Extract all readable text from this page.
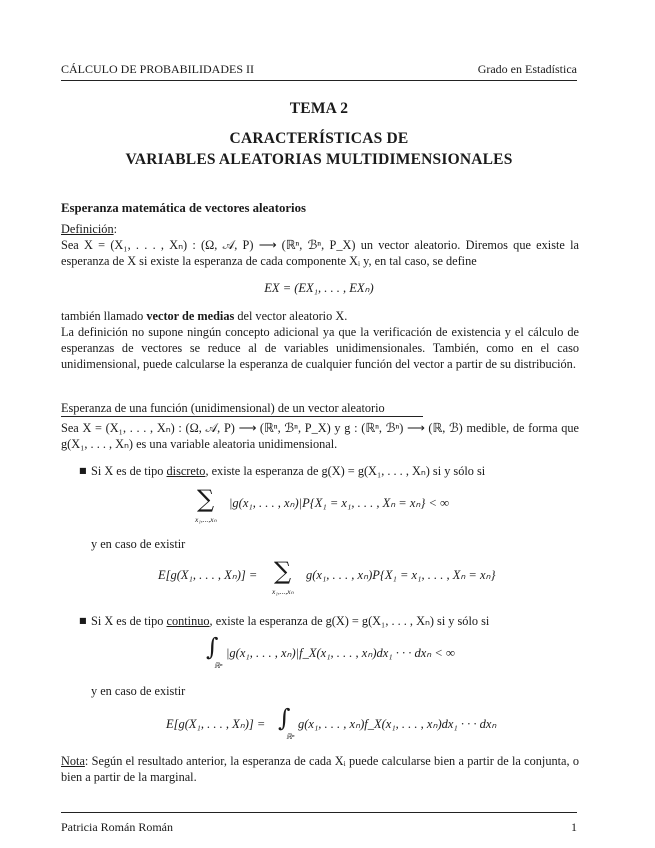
CÁLCULO DE PROBABILIDADES II	Grado en Estadística
TEMA 2
CARACTERÍSTICAS DE
VARIABLES ALEATORIAS MULTIDIMENSIONALES
Esperanza matemática de vectores aleatorios
Definición:
Sea X = (X₁, . . . , Xₙ) : (Ω, 𝒜, P) ⟶ (ℝⁿ, ℬⁿ, P_X) un vector aleatorio. Diremos que existe la esperanza de X si existe la esperanza de cada componente Xᵢ y, en tal caso, se define
EX = (EX₁, . . . , EXₙ)
también llamado vector de medias del vector aleatorio X.
La definición no supone ningún concepto adicional ya que la verificación de existencia y el cálculo de esperanzas de vectores se reduce al de variables unidimensionales. También, como en el caso unidimensional, puede calcularse la esperanza de cualquier función del vector a partir de su distribución.
Esperanza de una función (unidimensional) de un vector aleatorio
Sea X = (X₁, . . . , Xₙ) : (Ω, 𝒜, P) ⟶ (ℝⁿ, ℬⁿ, P_X) y g : (ℝⁿ, ℬⁿ) ⟶ (ℝ, ℬ) medible, de forma que g(X₁, . . . , Xₙ) es una variable aleatoria unidimensional.
■ Si X es de tipo discreto, existe la esperanza de g(X) = g(X₁, . . . , Xₙ) si y sólo si
∑
x₁,...,xₙ
|g(x₁, . . . , xₙ)|P{X₁ = x₁, . . . , Xₙ = xₙ} < ∞
y en caso de existir
E[g(X₁, . . . , Xₙ)] = ∑
x₁,...,xₙ
g(x₁, . . . , xₙ)P{X₁ = x₁, . . . , Xₙ = xₙ}
■ Si X es de tipo continuo, existe la esperanza de g(X) = g(X₁, . . . , Xₙ) si y sólo si
∫
ℝⁿ
|g(x₁, . . . , xₙ)|f_X(x₁, . . . , xₙ)dx₁ · · · dxₙ < ∞
y en caso de existir
E[g(X₁, . . . , Xₙ)] = ∫
ℝⁿ
g(x₁, . . . , xₙ)f_X(x₁, . . . , xₙ)dx₁ · · · dxₙ
Nota: Según el resultado anterior, la esperanza de cada Xᵢ puede calcularse bien a partir de la conjunta, o bien a partir de la marginal.
Patricia Román Román	1
